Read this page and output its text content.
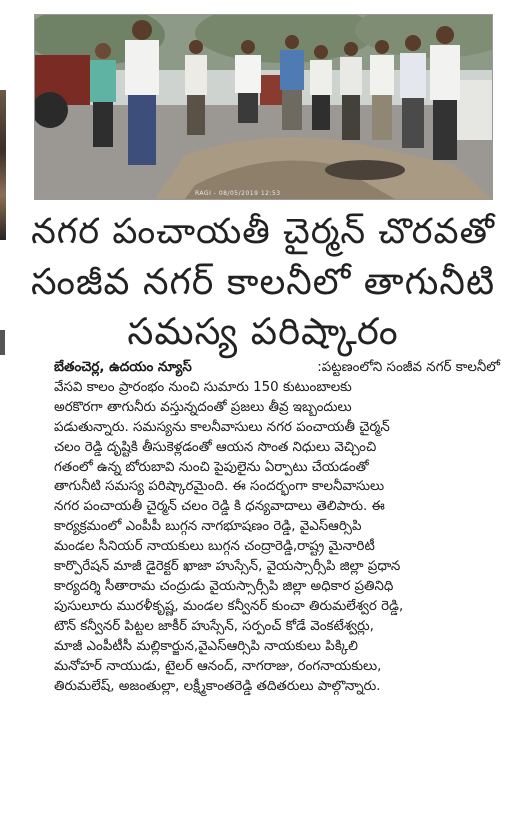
RAGI - 08/05/2019 12:53
నగర పంచాయతీ చైర్మన్ చొరవతో
సంజీవ నగర్ కాలనీలో తాగునీటి
సమస్య పరిష్కారం
బేతంచెర్ల, ఉదయం న్యూస్	:పట్టణంలోని సంజీవ నగర్ కాలనీలో
వేసవి కాలం ప్రారంభం నుంచి సుమారు 150 కుటుంబాలకు
అరకొరగా తాగునీరు వస్తున్నదంతో ప్రజలు తీవ్ర ఇబ్బందులు
పడుతున్నారు. సమస్యను కాలనీవాసులు నగర పంచాయతీ చైర్మన్
చలం రెడ్డి దృష్టికి తీసుకెళ్లడంతో ఆయన సొంత నిధులు వెచ్చించి
గతంలో ఉన్న బోరుబావి నుంచి పైపులైను ఏర్పాటు చేయడంతో
తాగునీటి సమస్య పరిష్కారమైంది. ఈ సందర్భంగా కాలనీవాసులు
నగర పంచాయతీ చైర్మన్ చలం రెడ్డి కి ధన్యవాదాలు తెలిపారు. ఈ
కార్యక్రమంలో ఎంపీపీ బుగ్గన నాగభూషణం రెడ్డి, వైఎస్ఆర్సిపి
మండల సీనియర్ నాయకులు బుగ్గన చంద్రారెడ్డి,రాష్ట్ర మైనారిటీ
కార్పొరేషన్ మాజీ డైరెక్టర్ ఖాజా హుస్సేన్, వైయస్సార్సీపి జిల్లా ప్రధాన
కార్యదర్శి సీతారామ చంద్రుడు వైయస్సార్సీపి జిల్లా అధికార ప్రతినిధి
పుసులూరు మురళీకృష్ణ, మండల కన్వీనర్ కుంచా తిరుమలేశ్వర రెడ్డి,
టౌన్ కన్వీనర్ పిట్టల జాకీర్ హుస్సేన్, సర్పంచ్ కోడే వెంకటేశ్వర్లు,
మాజీ ఎంపీటీసీ మల్లికార్జున,వైఎస్ఆర్సిపి నాయకులు పిక్కిలి
మనోహర్ నాయుడు, టైలర్ ఆనంద్, నాగరాజు, రంగనాయకులు,
తిరుమలేష్, అజంతుల్లా, లక్ష్మీకాంతరెడ్డి తదితరులు పాల్గొన్నారు.
